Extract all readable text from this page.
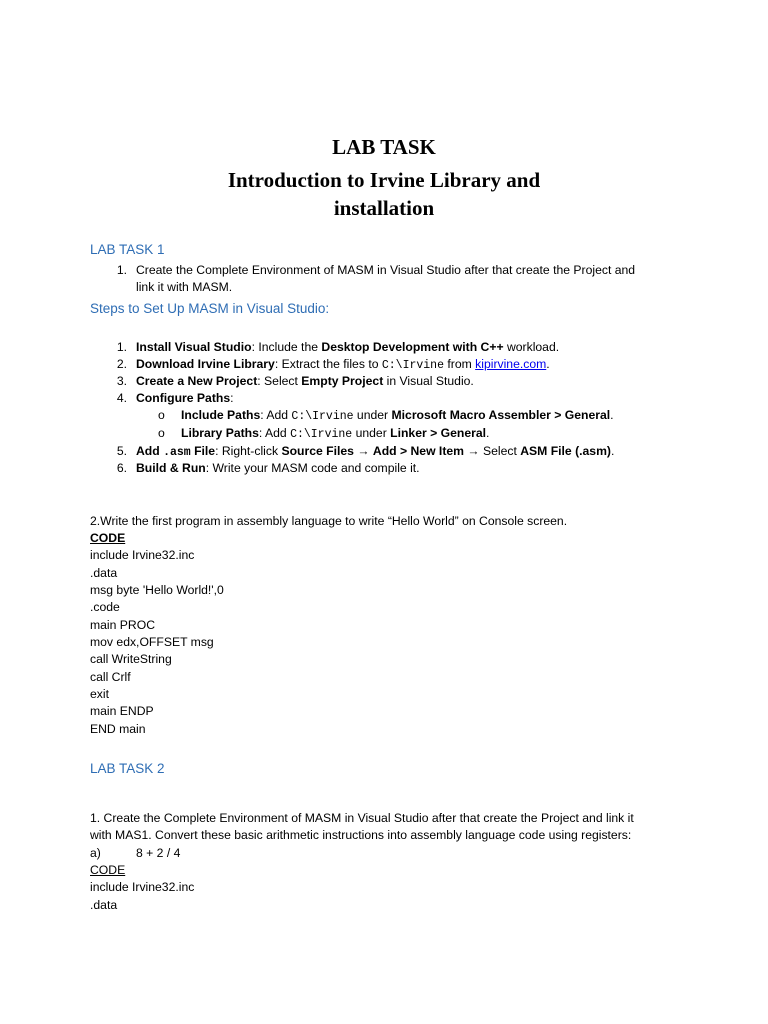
LAB TASK
Introduction to Irvine Library and
installation
LAB TASK 1
1. Create the Complete Environment of MASM in Visual Studio after that create the Project and
link it with MASM.
Steps to Set Up MASM in Visual Studio:
1. Install Visual Studio: Include the Desktop Development with C++ workload.
2. Download Irvine Library: Extract the files to C:\Irvine from kipirvine.com.
3. Create a New Project: Select Empty Project in Visual Studio.
4. Configure Paths:
o Include Paths: Add C:\Irvine under Microsoft Macro Assembler > General.
o Library Paths: Add C:\Irvine under Linker > General.
5. Add .asm File: Right-click Source Files → Add > New Item → Select ASM File (.asm).
6. Build & Run: Write your MASM code and compile it.
2.Write the first program in assembly language to write “Hello World” on Console screen.
CODE
include Irvine32.inc
.data
msg byte 'Hello World!',0
.code
main PROC
mov edx,OFFSET msg
call WriteString
call Crlf
exit
main ENDP
END main
LAB TASK 2
1. Create the Complete Environment of MASM in Visual Studio after that create the Project and link it
with MAS1. Convert these basic arithmetic instructions into assembly language code using registers:
a)	8 + 2 / 4
CODE
include Irvine32.inc
.data
